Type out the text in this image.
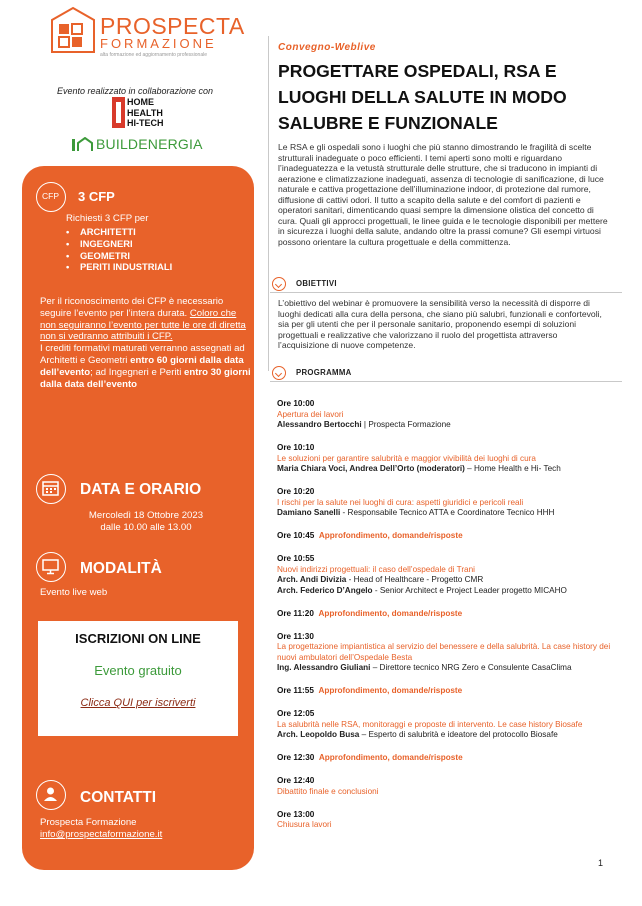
PROSPECTA
FORMAZIONE
alta formazione ed aggiornamento professionale
Evento realizzato in collaborazione con
HOME
HEALTH
HI-TECH
BUILDENERGIA
CFP	3 CFP
Richiesti 3 CFP per
• ARCHITETTI
• INGEGNERI
• GEOMETRI
• PERITI INDUSTRIALI
Per il riconoscimento dei CFP è necessario seguire l’evento per l’intera durata. Coloro che non seguiranno l’evento per tutte le ore di diretta non si vedranno attribuiti i CFP.
I crediti formativi maturati verranno assegnati ad Architetti e Geometri entro 60 giorni dalla data dell’evento; ad Ingegneri e Periti entro 30 giorni dalla data dell’evento
DATA E ORARIO
Mercoledì 18 Ottobre 2023
dalle 10.00 alle 13.00
MODALITÀ
Evento live web
ISCRIZIONI ON LINE
Evento gratuito
Clicca QUI per iscriverti
CONTATTI
Prospecta Formazione
info@prospectaformazione.it
Convegno-Weblive
PROGETTARE OSPEDALI, RSA E LUOGHI DELLA SALUTE IN MODO SALUBRE E FUNZIONALE
Le RSA e gli ospedali sono i luoghi che più stanno dimostrando le fragilità di scelte strutturali inadeguate o poco efficienti. I temi aperti sono molti e riguardano l’inadeguatezza e la vetustà strutturale delle strutture, che si traducono in impianti di aerazione e climatizzazione inadeguati, assenza di tecnologie di sanificazione, di luce naturale e cattiva progettazione dell’illuminazione indoor, di protezione dal rumore, diffusione di cattivi odori. Il tutto a scapito della salute e del comfort di pazienti e operatori sanitari, dimenticando quasi sempre la dimensione olistica del concetto di cura. Quali gli approcci progettuali, le linee guida e le tecnologie disponibili per mettere in sicurezza i luoghi della salute, andando oltre la prassi comune? Gli esempi virtuosi possono orientare la cultura progettuale e della committenza.
OBIETTIVI
L’obiettivo del webinar è promuovere la sensibilità verso la necessità di disporre di luoghi dedicati alla cura della persona, che siano più salubri, funzionali e confortevoli, sia per gli utenti che per il personale sanitario, proponendo esempi di soluzioni progettuali e realizzative che valorizzano il ruolo del progettista attraverso l’acquisizione di nuove competenze.
PROGRAMMA
Ore 10:00
Apertura dei lavori
Alessandro Bertocchi | Prospecta Formazione
Ore 10:10
Le soluzioni per garantire salubrità e maggior vivibilità dei luoghi di cura
Maria Chiara Voci, Andrea Dell’Orto (moderatori) – Home Health e Hi- Tech
Ore 10:20
I rischi per la salute nei luoghi di cura: aspetti giuridici e pericoli reali
Damiano Sanelli - Responsabile Tecnico ATTA e Coordinatore Tecnico HHH
Ore 10:45 Approfondimento, domande/risposte
Ore 10:55
Nuovi indirizzi progettuali: il caso dell’ospedale di Trani
Arch. Andi Divizia - Head of Healthcare - Progetto CMR
Arch. Federico D’Angelo - Senior Architect e Project Leader progetto MICAHO
Ore 11:20 Approfondimento, domande/risposte
Ore 11:30
La progettazione impiantistica al servizio del benessere e della salubrità. La case history dei nuovi ambulatori dell’Ospedale Besta
Ing. Alessandro Giuliani – Direttore tecnico NRG Zero e Consulente CasaClima
Ore 11:55 Approfondimento, domande/risposte
Ore 12:05
La salubrità nelle RSA, monitoraggi e proposte di intervento. Le case history Biosafe
Arch. Leopoldo Busa – Esperto di salubrità e ideatore del protocollo Biosafe
Ore 12:30 Approfondimento, domande/risposte
Ore 12:40
Dibattito finale e conclusioni
Ore 13:00
Chiusura lavori
1
